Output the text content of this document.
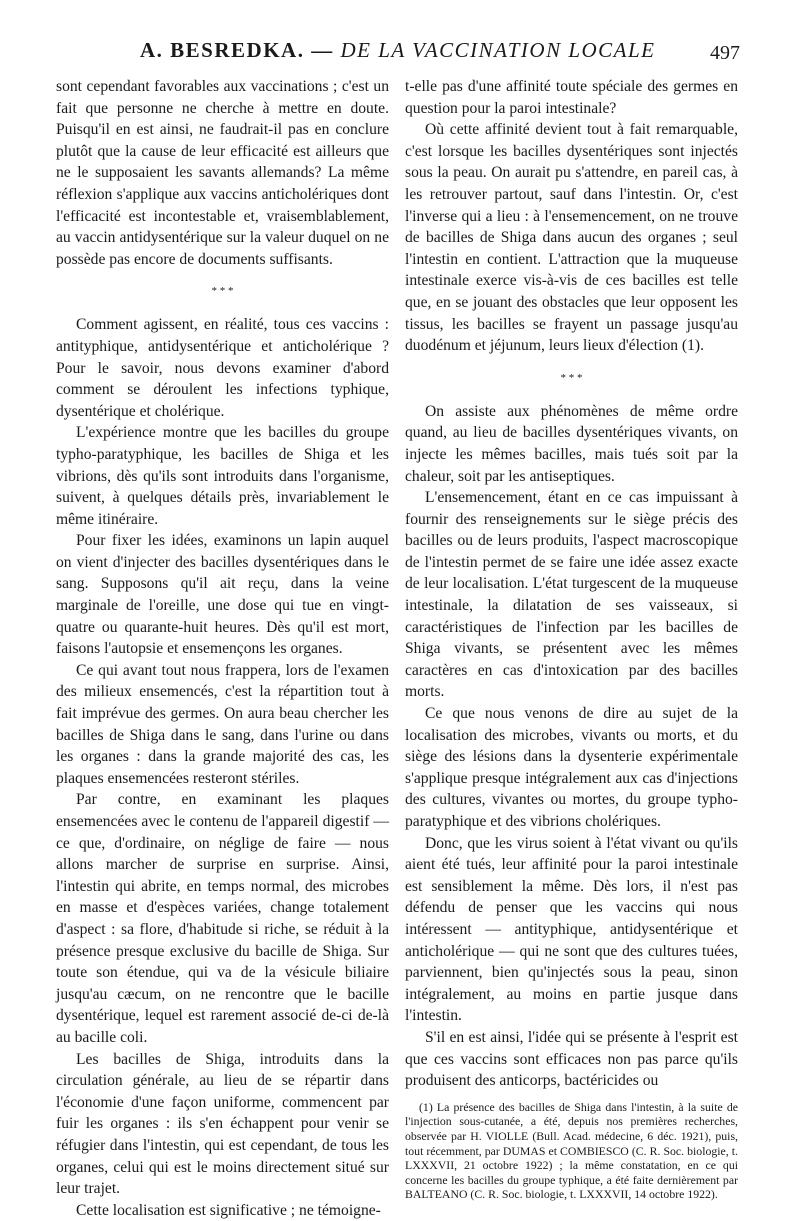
A. BESREDKA. — DE LA VACCINATION LOCALE	497

sont cependant favorables aux vaccinations ; c'est un fait que personne ne cherche à mettre en doute. Puisqu'il en est ainsi, ne faudrait-il pas en conclure plutôt que la cause de leur efficacité est ailleurs que ne le supposaient les savants allemands? La même réflexion s'applique aux vaccins anticholériques dont l'efficacité est incontestable et, vraisemblablement, au vaccin antidysentérique sur la valeur duquel on ne possède pas encore de documents suffisants.

* * *

Comment agissent, en réalité, tous ces vaccins : antityphique, antidysentérique et anticholérique ? Pour le savoir, nous devons examiner d'abord comment se déroulent les infections typhique, dysentérique et cholérique.

L'expérience montre que les bacilles du groupe typho-paratyphique, les bacilles de Shiga et les vibrions, dès qu'ils sont introduits dans l'organisme, suivent, à quelques détails près, invariablement le même itinéraire.

Pour fixer les idées, examinons un lapin auquel on vient d'injecter des bacilles dysentériques dans le sang. Supposons qu'il ait reçu, dans la veine marginale de l'oreille, une dose qui tue en vingt-quatre ou quarante-huit heures. Dès qu'il est mort, faisons l'autopsie et ensemençons les organes.

Ce qui avant tout nous frappera, lors de l'examen des milieux ensemencés, c'est la répartition tout à fait imprévue des germes. On aura beau chercher les bacilles de Shiga dans le sang, dans l'urine ou dans les organes : dans la grande majorité des cas, les plaques ensemencées resteront stériles.

Par contre, en examinant les plaques ensemencées avec le contenu de l'appareil digestif — ce que, d'ordinaire, on néglige de faire — nous allons marcher de surprise en surprise. Ainsi, l'intestin qui abrite, en temps normal, des microbes en masse et d'espèces variées, change totalement d'aspect : sa flore, d'habitude si riche, se réduit à la présence presque exclusive du bacille de Shiga. Sur toute son étendue, qui va de la vésicule biliaire jusqu'au cæcum, on ne rencontre que le bacille dysentérique, lequel est rarement associé de-ci de-là au bacille coli.

Les bacilles de Shiga, introduits dans la circulation générale, au lieu de se répartir dans l'économie d'une façon uniforme, commencent par fuir les organes : ils s'en échappent pour venir se réfugier dans l'intestin, qui est cependant, de tous les organes, celui qui est le moins directement situé sur leur trajet.

Cette localisation est significative ; ne témoigne-

t-elle pas d'une affinité toute spéciale des germes en question pour la paroi intestinale?

Où cette affinité devient tout à fait remarquable, c'est lorsque les bacilles dysentériques sont injectés sous la peau. On aurait pu s'attendre, en pareil cas, à les retrouver partout, sauf dans l'intestin. Or, c'est l'inverse qui a lieu : à l'ensemencement, on ne trouve de bacilles de Shiga dans aucun des organes ; seul l'intestin en contient. L'attraction que la muqueuse intestinale exerce vis-à-vis de ces bacilles est telle que, en se jouant des obstacles que leur opposent les tissus, les bacilles se frayent un passage jusqu'au duodénum et jéjunum, leurs lieux d'élection (1).

* * *

On assiste aux phénomènes de même ordre quand, au lieu de bacilles dysentériques vivants, on injecte les mêmes bacilles, mais tués soit par la chaleur, soit par les antiseptiques.

L'ensemencement, étant en ce cas impuissant à fournir des renseignements sur le siège précis des bacilles ou de leurs produits, l'aspect macroscopique de l'intestin permet de se faire une idée assez exacte de leur localisation. L'état turgescent de la muqueuse intestinale, la dilatation de ses vaisseaux, si caractéristiques de l'infection par les bacilles de Shiga vivants, se présentent avec les mêmes caractères en cas d'intoxication par des bacilles morts.

Ce que nous venons de dire au sujet de la localisation des microbes, vivants ou morts, et du siège des lésions dans la dysenterie expérimentale s'applique presque intégralement aux cas d'injections des cultures, vivantes ou mortes, du groupe typho-paratyphique et des vibrions cholériques.

Donc, que les virus soient à l'état vivant ou qu'ils aient été tués, leur affinité pour la paroi intestinale est sensiblement la même. Dès lors, il n'est pas défendu de penser que les vaccins qui nous intéressent — antityphique, antidysentérique et anticholérique — qui ne sont que des cultures tuées, parviennent, bien qu'injectés sous la peau, sinon intégralement, au moins en partie jusque dans l'intestin.

S'il en est ainsi, l'idée qui se présente à l'esprit est que ces vaccins sont efficaces non pas parce qu'ils produisent des anticorps, bactéricides ou

(1) La présence des bacilles de Shiga dans l'intestin, à la suite de l'injection sous-cutanée, a été, depuis nos premières recherches, observée par H. VIOLLE (Bull. Acad. médecine, 6 déc. 1921), puis, tout récemment, par DUMAS et COMBIESCO (C. R. Soc. biologie, t. LXXXVII, 21 octobre 1922) ; la même constatation, en ce qui concerne les bacilles du groupe typhique, a été faite dernièrement par BALTEANO (C. R. Soc. biologie, t. LXXXVII, 14 octobre 1922).
